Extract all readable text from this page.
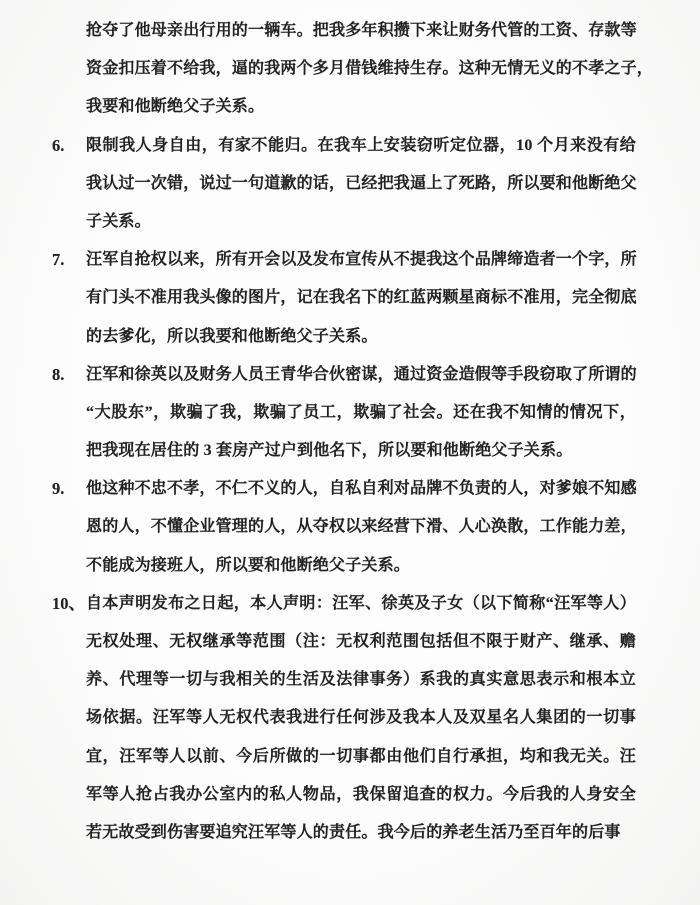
抢夺了他母亲出行用的一辆车。把我多年积攒下来让财务代管的工资、存款等
资金扣压着不给我，逼的我两个多月借钱维持生存。这种无情无义的不孝之子，
我要和他断绝父子关系。
6.	限制我人身自由，有家不能归。在我车上安装窃听定位器，10 个月来没有给
我认过一次错，说过一句道歉的话，已经把我逼上了死路，所以要和他断绝父
子关系。
7.	汪军自抢权以来，所有开会以及发布宣传从不提我这个品牌缔造者一个字，所
有门头不准用我头像的图片，记在我名下的红蓝两颗星商标不准用，完全彻底
的去爹化，所以我要和他断绝父子关系。
8.	汪军和徐英以及财务人员王青华合伙密谋，通过资金造假等手段窃取了所谓的
“大股东”，欺骗了我，欺骗了员工，欺骗了社会。还在我不知情的情况下，
把我现在居住的 3 套房产过户到他名下，所以要和他断绝父子关系。
9.	他这种不忠不孝，不仁不义的人，自私自利对品牌不负责的人，对爹娘不知感
恩的人，不懂企业管理的人，从夺权以来经营下滑、人心涣散，工作能力差，
不能成为接班人，所以要和他断绝父子关系。
10、 自本声明发布之日起，本人声明：汪军、徐英及子女（以下简称“汪军等人）
无权处理、无权继承等范围（注：无权利范围包括但不限于财产、继承、赡
养、代理等一切与我相关的生活及法律事务）系我的真实意思表示和根本立
场依据。汪军等人无权代表我进行任何涉及我本人及双星名人集团的一切事
宜，汪军等人以前、今后所做的一切事都由他们自行承担，均和我无关。汪
军等人抢占我办公室内的私人物品，我保留追查的权力。今后我的人身安全
若无故受到伤害要追究汪军等人的责任。我今后的养老生活乃至百年的后事
